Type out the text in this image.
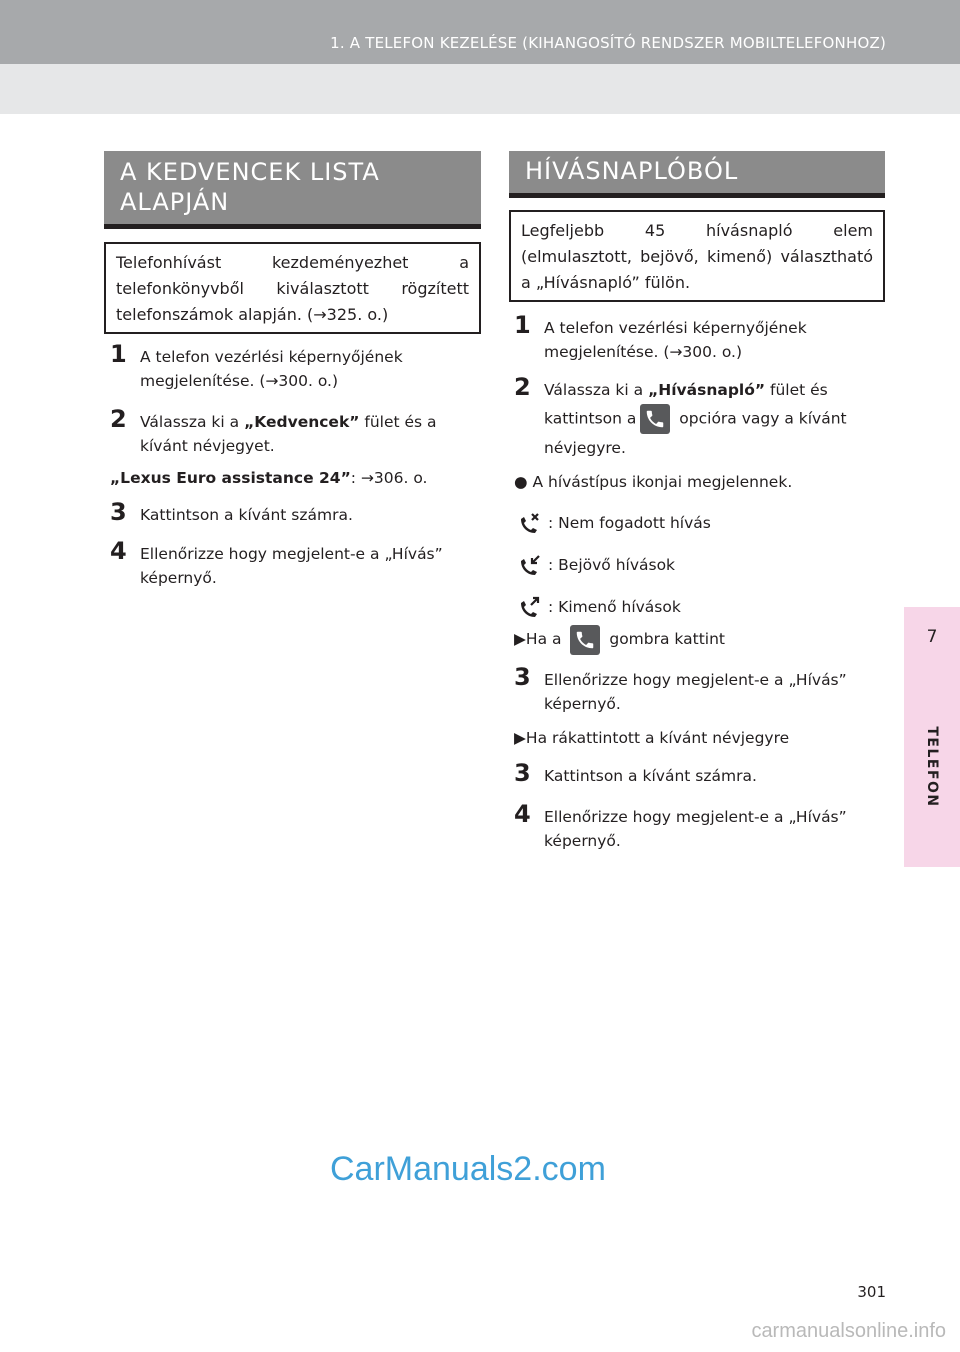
1. A TELEFON KEZELÉSE (KIHANGOSÍTÓ RENDSZER MOBILTELEFONHOZ)
7
TELEFON
A KEDVENCEK LISTA
ALAPJÁN
Telefonhívást kezdeményezhet a telefonkönyvből kiválasztott rögzített telefonszámok alapján. (→325. o.)
1 A telefon vezérlési képernyőjének megjelenítése. (→300. o.)
2 Válassza ki a „Kedvencek” fület és a kívánt névjegyet.
„Lexus Euro assistance 24”: →306. o.
3 Kattintson a kívánt számra.
4 Ellenőrizze hogy megjelent-e a „Hívás” képernyő.
HÍVÁSNAPLÓBÓL
Legfeljebb 45 hívásnapló elem (elmulasztott, bejövő, kimenő) választható a „Hívásnapló” fülön.
1 A telefon vezérlési képernyőjének megjelenítése. (→300. o.)
2 Válassza ki a „Hívásnapló” fület és kattintson a
opcióra vagy a kívánt névjegyre.
● A hívástípus ikonjai megjelennek.
: Nem fogadott hívás
: Bejövő hívások
: Kimenő hívások
▶Ha a
gombra kattint
3 Ellenőrizze hogy megjelent-e a „Hívás” képernyő.
▶Ha rákattintott a kívánt névjegyre
3 Kattintson a kívánt számra.
4 Ellenőrizze hogy megjelent-e a „Hívás” képernyő.
CarManuals2.com
301
carmanualsonline.info
